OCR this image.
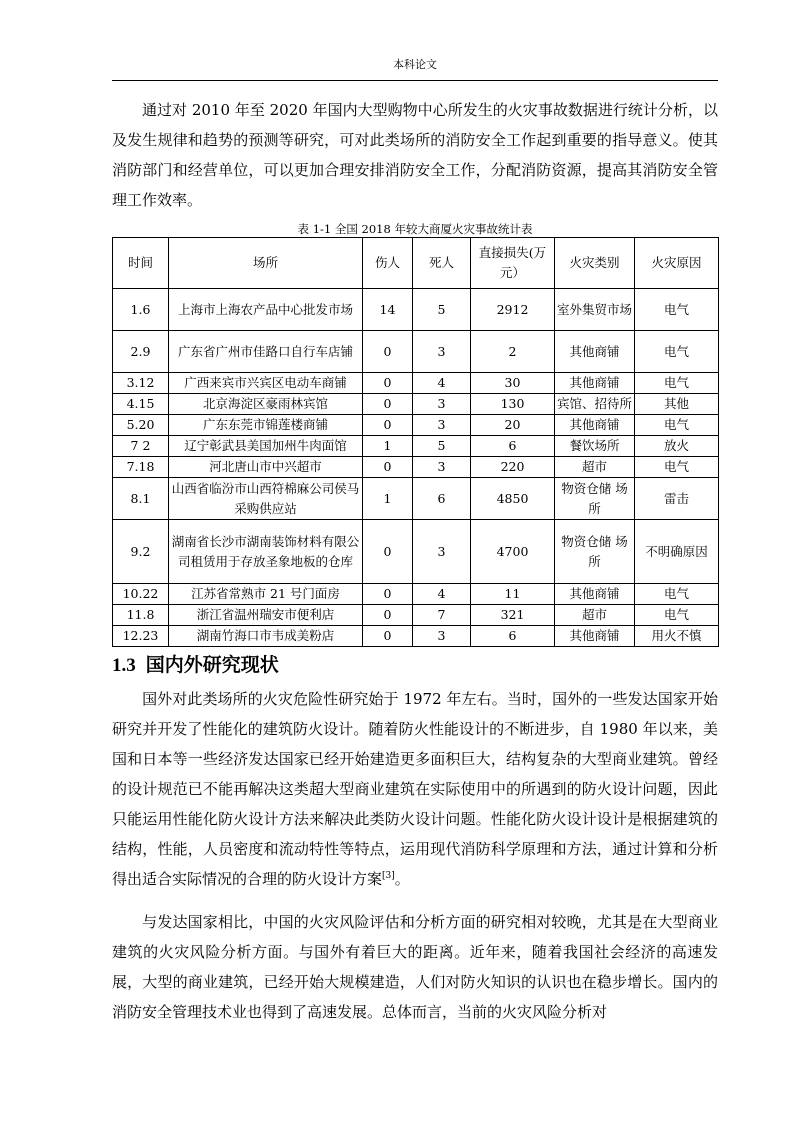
本科论文

通过对 2010 年至 2020 年国内大型购物中心所发生的火灾事故数据进行统计分析，以及发生规律和趋势的预测等研究，可对此类场所的消防安全工作起到重要的指导意义。使其消防部门和经营单位，可以更加合理安排消防安全工作，分配消防资源，提高其消防安全管理工作效率。

表 1-1 全国 2018 年较大商厦火灾事故统计表
时间	场所	伤人	死人	直接损失(万元）	火灾类别	火灾原因
1.6	上海市上海农产品中心批发市场	14	5	2912	室外集贸市场	电气
2.9	广东省广州市佳路口自行车店铺	0	3	2	其他商铺	电气
3.12	广西来宾市兴宾区电动车商铺	0	4	30	其他商铺	电气
4.15	北京海淀区豪雨林宾馆	0	3	130	宾馆、招待所	其他
5.20	广东东莞市锦莲楼商铺	0	3	20	其他商铺	电气
7 2	辽宁彰武县美国加州牛肉面馆	1	5	6	餐饮场所	放火
7.18	河北唐山市中兴超市	0	3	220	超市	电气
8.1	山西省临汾市山西符棉麻公司侯马采购供应站	1	6	4850	物资仓储 场所	雷击
9.2	湖南省长沙市湖南装饰材料有限公司租赁用于存放圣象地板的仓库	0	3	4700	物资仓储 场所	不明确原因
10.22	江苏省常熟市 21 号门面房	0	4	11	其他商铺	电气
11.8	浙江省温州瑞安市便利店	0	7	321	超市	电气
12.23	湖南竹海口市韦成美粉店	0	3	6	其他商铺	用火不慎
1.3 国内外研究现状

国外对此类场所的火灾危险性研究始于 1972 年左右。当时，国外的一些发达国家开始研究并开发了性能化的建筑防火设计。随着防火性能设计的不断进步，自 1980 年以来，美国和日本等一些经济发达国家已经开始建造更多面积巨大，结构复杂的大型商业建筑。曾经的设计规范已不能再解决这类超大型商业建筑在实际使用中的所遇到的防火设计问题，因此只能运用性能化防火设计方法来解决此类防火设计问题。性能化防火设计设计是根据建筑的结构，性能，人员密度和流动特性等特点，运用现代消防科学原理和方法，通过计算和分析得出适合实际情况的合理的防火设计方案[3]。

与发达国家相比，中国的火灾风险评估和分析方面的研究相对较晚，尤其是在大型商业建筑的火灾风险分析方面。与国外有着巨大的距离。近年来，随着我国社会经济的高速发展，大型的商业建筑，已经开始大规模建造，人们对防火知识的认识也在稳步增长。国内的消防安全管理技术业也得到了高速发展。总体而言，当前的火灾风险分析对
